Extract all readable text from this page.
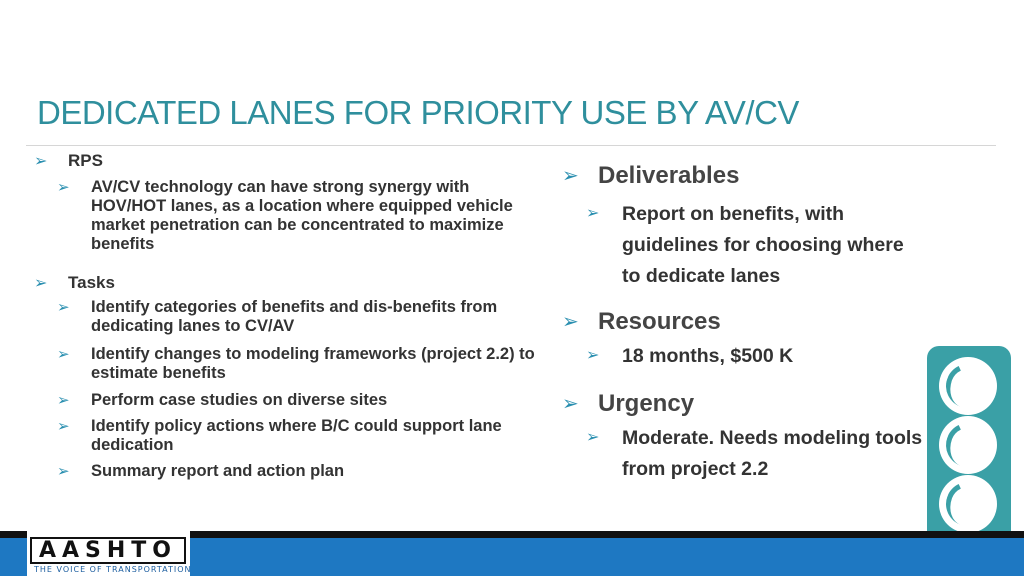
DEDICATED LANES FOR PRIORITY USE BY AV/CV
➢ RPS
➢	AV/CV technology can have strong synergy with HOV/HOT lanes, as a location where equipped vehicle market penetration can be concentrated to maximize benefits
➢ Tasks
➢	Identify categories of benefits and dis-benefits from dedicating lanes to CV/AV
➢	Identify changes to modeling frameworks (project 2.2) to estimate benefits
➢	Perform case studies on diverse sites
➢	Identify policy actions where B/C could support lane dedication
➢	Summary report and action plan
➢ Deliverables
➢	Report on benefits, with guidelines for choosing where to dedicate lanes
➢ Resources
➢	18 months, $500 K
➢ Urgency
➢	Moderate. Needs modeling tools from project 2.2
AASHTO
THE VOICE OF TRANSPORTATION
